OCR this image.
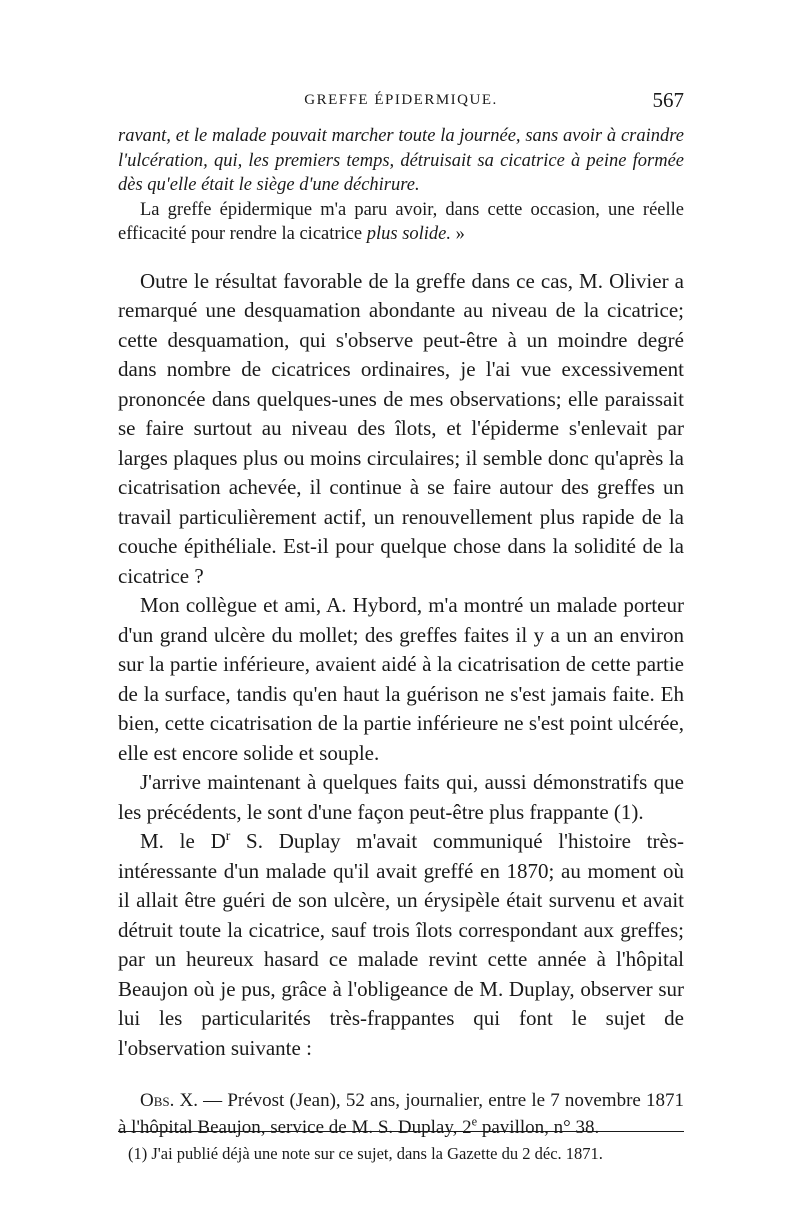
GREFFE ÉPIDERMIQUE.	567

ravant, et le malade pouvait marcher toute la journée, sans avoir à craindre l'ulcération, qui, les premiers temps, détruisait sa cicatrice à peine formée dès qu'elle était le siège d'une déchirure.

La greffe épidermique m'a paru avoir, dans cette occasion, une réelle efficacité pour rendre la cicatrice plus solide. »

Outre le résultat favorable de la greffe dans ce cas, M. Olivier a remarqué une desquamation abondante au niveau de la cicatrice; cette desquamation, qui s'observe peut-être à un moindre degré dans nombre de cicatrices ordinaires, je l'ai vue excessivement prononcée dans quelques-unes de mes observations; elle paraissait se faire surtout au niveau des îlots, et l'épiderme s'enlevait par larges plaques plus ou moins circulaires; il semble donc qu'après la cicatrisation achevée, il continue à se faire autour des greffes un travail particulièrement actif, un renouvellement plus rapide de la couche épithéliale. Est-il pour quelque chose dans la solidité de la cicatrice ?

Mon collègue et ami, A. Hybord, m'a montré un malade porteur d'un grand ulcère du mollet; des greffes faites il y a un an environ sur la partie inférieure, avaient aidé à la cicatrisation de cette partie de la surface, tandis qu'en haut la guérison ne s'est jamais faite. Eh bien, cette cicatrisation de la partie inférieure ne s'est point ulcérée, elle est encore solide et souple.

J'arrive maintenant à quelques faits qui, aussi démonstratifs que les précédents, le sont d'une façon peut-être plus frappante (1).

M. le $D^r$ S. Duplay m'avait communiqué l'histoire très-intéressante d'un malade qu'il avait greffé en 1870; au moment où il allait être guéri de son ulcère, un érysipèle était survenu et avait détruit toute la cicatrice, sauf trois îlots correspondant aux greffes; par un heureux hasard ce malade revint cette année à l'hôpital Beaujon où je pus, grâce à l'obligeance de M. Duplay, observer sur lui les particularités très-frappantes qui font le sujet de l'observation suivante :

Obs. X. — Prévost (Jean), 52 ans, journalier, entre le 7 novembre 1871 à l'hôpital Beaujon, service de M. S. Duplay, 2e pavillon, n° 38.
(1) J'ai publié déjà une note sur ce sujet, dans la Gazette du 2 déc. 1871.
